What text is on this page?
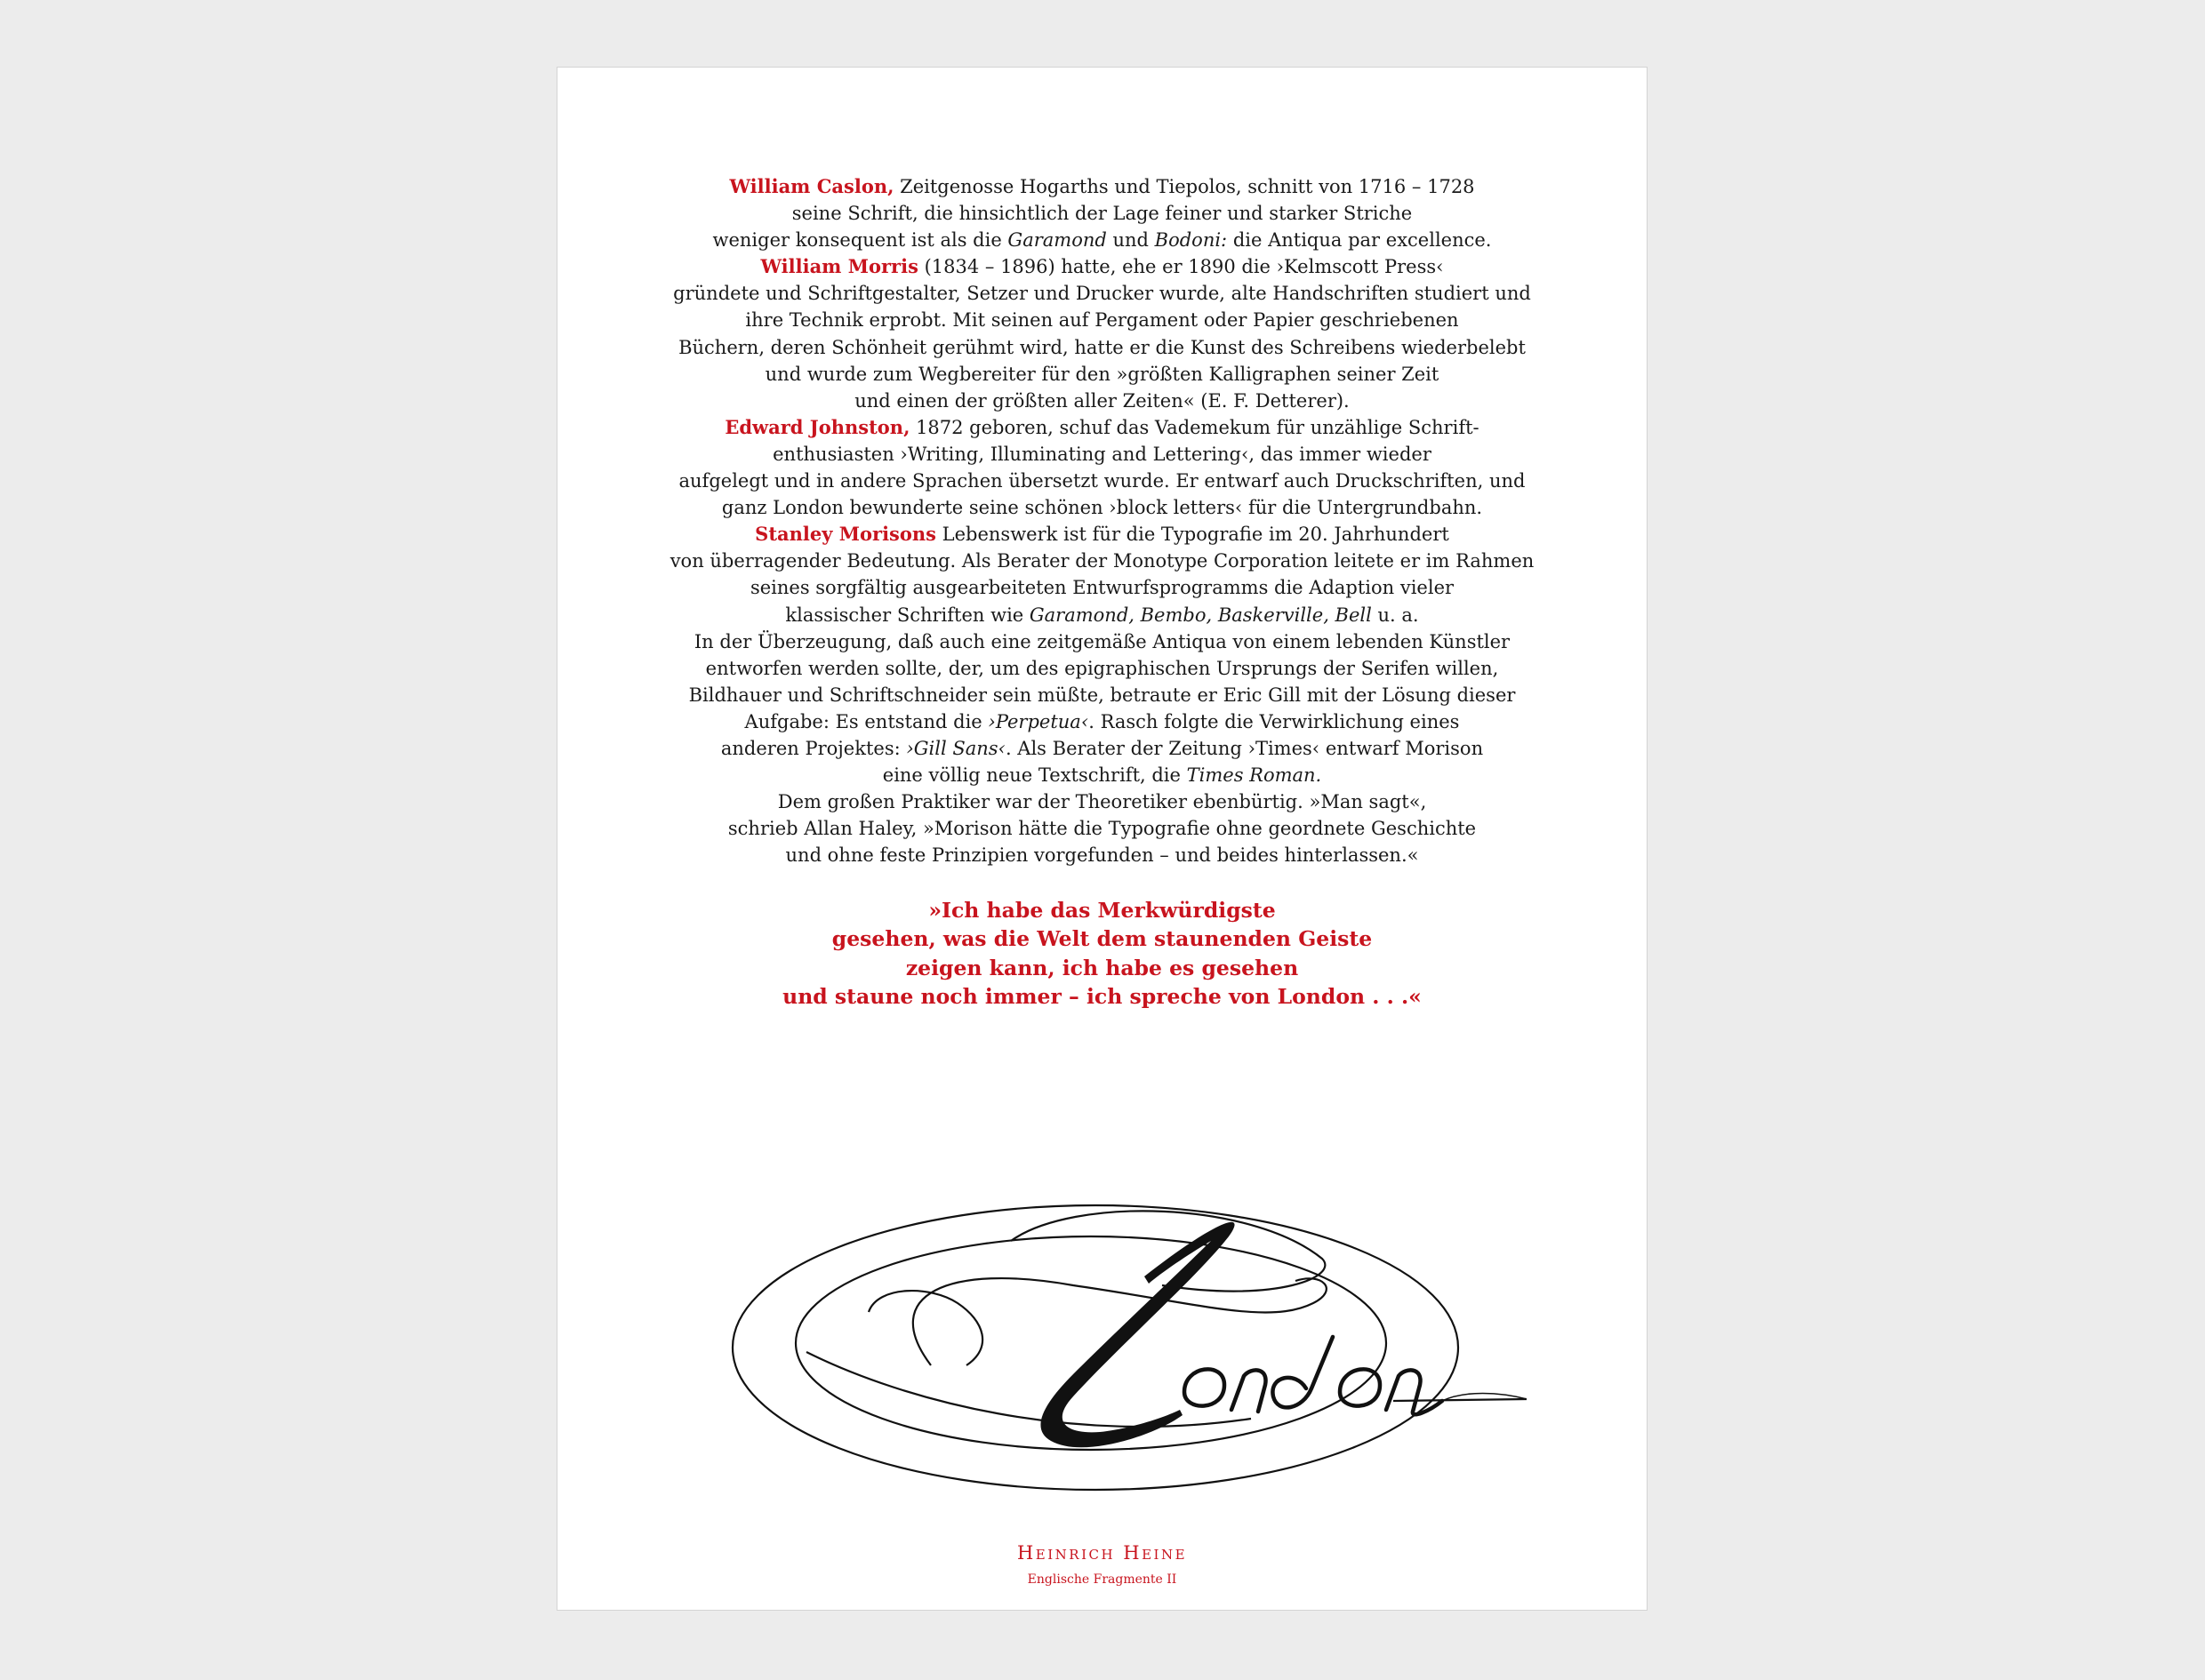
William Caslon, Zeitgenosse Hogarths und Tiepolos, schnitt von 1716 – 1728
seine Schrift, die hinsichtlich der Lage feiner und starker Striche
weniger konsequent ist als die Garamond und Bodoni: die Antiqua par excellence.
William Morris (1834 – 1896) hatte, ehe er 1890 die ›Kelmscott Press‹
gründete und Schriftgestalter, Setzer und Drucker wurde, alte Handschriften studiert und
ihre Technik erprobt. Mit seinen auf Pergament oder Papier geschriebenen
Büchern, deren Schönheit gerühmt wird, hatte er die Kunst des Schreibens wiederbelebt
und wurde zum Wegbereiter für den »größten Kalligraphen seiner Zeit
und einen der größten aller Zeiten« (E. F. Detterer).
Edward Johnston, 1872 geboren, schuf das Vademekum für unzählige Schrift-
enthusiasten ›Writing, Illuminating and Lettering‹, das immer wieder
aufgelegt und in andere Sprachen übersetzt wurde. Er entwarf auch Druckschriften, und
ganz London bewunderte seine schönen ›block letters‹ für die Untergrundbahn.
Stanley Morisons Lebenswerk ist für die Typografie im 20. Jahrhundert
von überragender Bedeutung. Als Berater der Monotype Corporation leitete er im Rahmen
seines sorgfältig ausgearbeiteten Entwurfsprogramms die Adaption vieler
klassischer Schriften wie Garamond, Bembo, Baskerville, Bell u. a.
In der Überzeugung, daß auch eine zeitgemäße Antiqua von einem lebenden Künstler
entworfen werden sollte, der, um des epigraphischen Ursprungs der Serifen willen,
Bildhauer und Schriftschneider sein müßte, betraute er Eric Gill mit der Lösung dieser
Aufgabe: Es entstand die ›Perpetua‹. Rasch folgte die Verwirklichung eines
anderen Projektes: ›Gill Sans‹. Als Berater der Zeitung ›Times‹ entwarf Morison
eine völlig neue Textschrift, die Times Roman.
Dem großen Praktiker war der Theoretiker ebenbürtig. »Man sagt«,
schrieb Allan Haley, »Morison hätte die Typografie ohne geordnete Geschichte
und ohne feste Prinzipien vorgefunden – und beides hinterlassen.«
»Ich habe das Merkwürdigste
gesehen, was die Welt dem staunenden Geiste
zeigen kann, ich habe es gesehen
und staune noch immer – ich spreche von London . . .«
Heinrich Heine
Englische Fragmente II
